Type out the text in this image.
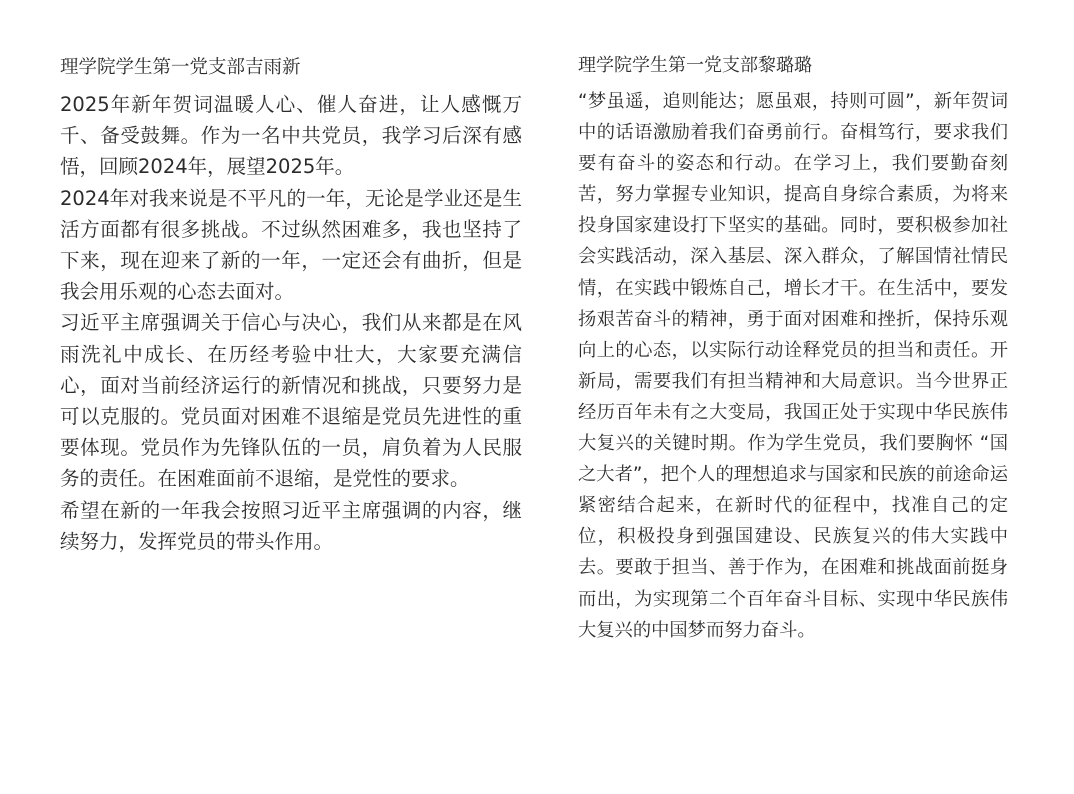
理学院学生第一党支部吉雨新

2025年新年贺词温暖人心、催人奋进，让人感慨万千、备受鼓舞。作为一名中共党员，我学习后深有感悟，回顾2024年，展望2025年。

2024年对我来说是不平凡的一年，无论是学业还是生活方面都有很多挑战。不过纵然困难多，我也坚持了下来，现在迎来了新的一年，一定还会有曲折，但是我会用乐观的心态去面对。

习近平主席强调关于信心与决心，我们从来都是在风雨洗礼中成长、在历经考验中壮大，大家要充满信心，面对当前经济运行的新情况和挑战，只要努力是可以克服的。党员面对困难不退缩是党员先进性的重要体现。党员作为先锋队伍的一员，肩负着为人民服务的责任。在困难面前不退缩，是党性的要求。

希望在新的一年我会按照习近平主席强调的内容，继续努力，发挥党员的带头作用。

理学院学生第一党支部黎璐璐

“梦虽遥，追则能达；愿虽艰，持则可圆”，新年贺词中的话语激励着我们奋勇前行。奋楫笃行，要求我们要有奋斗的姿态和行动。在学习上，我们要勤奋刻苦，努力掌握专业知识，提高自身综合素质，为将来投身国家建设打下坚实的基础。同时，要积极参加社会实践活动，深入基层、深入群众，了解国情社情民情，在实践中锻炼自己，增长才干。在生活中，要发扬艰苦奋斗的精神，勇于面对困难和挫折，保持乐观向上的心态，以实际行动诠释党员的担当和责任。开新局，需要我们有担当精神和大局意识。当今世界正经历百年未有之大变局，我国正处于实现中华民族伟大复兴的关键时期。作为学生党员，我们要胸怀 “国之大者”，把个人的理想追求与国家和民族的前途命运紧密结合起来，在新时代的征程中，找准自己的定位，积极投身到强国建设、民族复兴的伟大实践中去。要敢于担当、善于作为，在困难和挑战面前挺身而出，为实现第二个百年奋斗目标、实现中华民族伟大复兴的中国梦而努力奋斗。
